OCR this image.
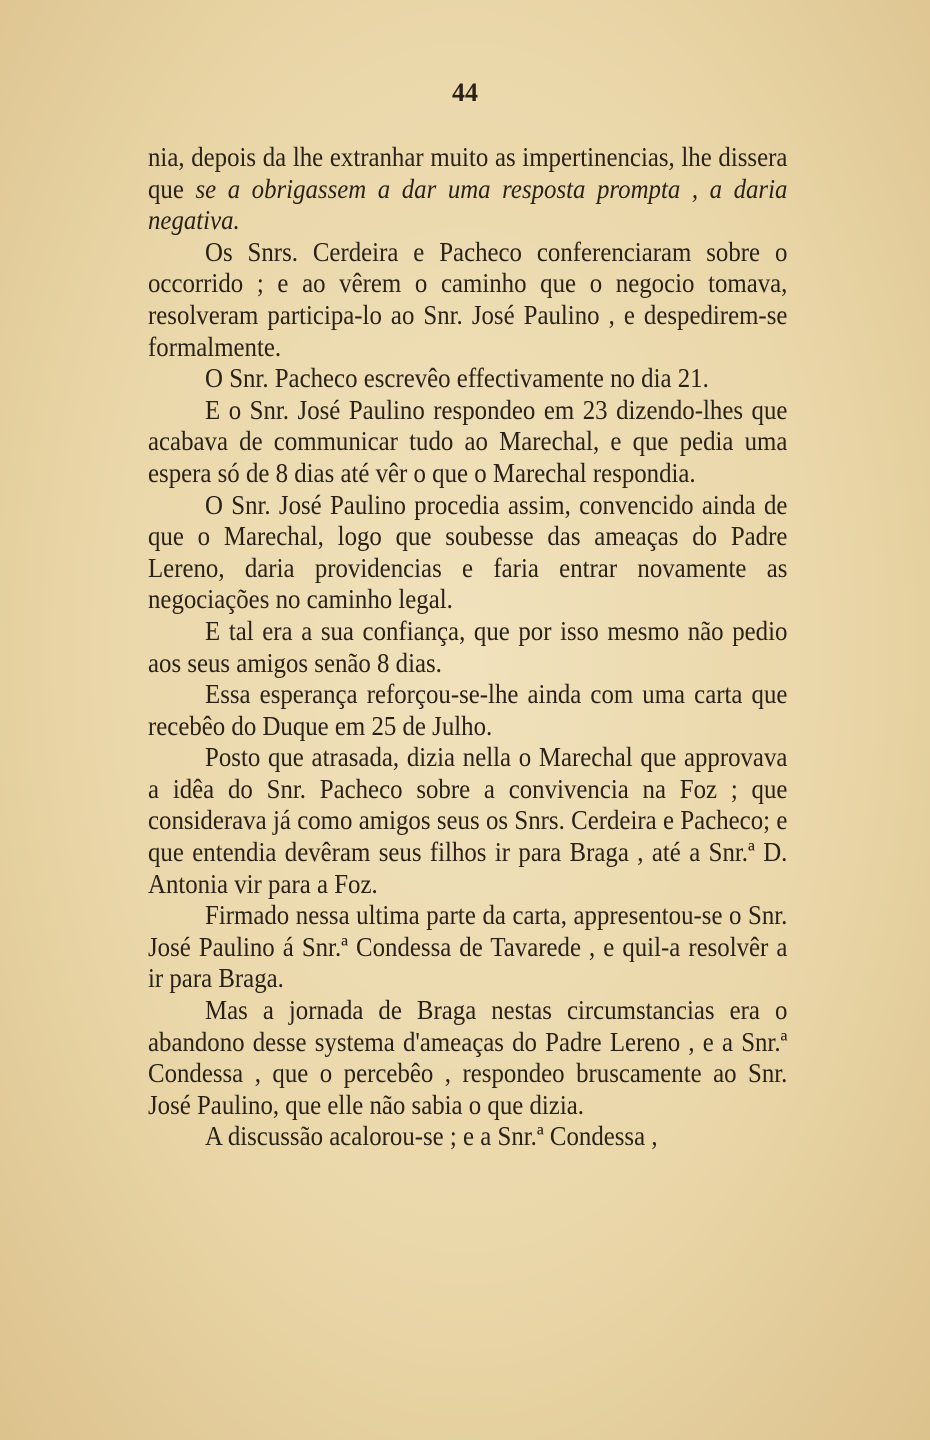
44

nia, depois da lhe extranhar muito as impertinencias, lhe dissera que se a obrigassem a dar uma resposta prompta , a daria negativa.

Os Snrs. Cerdeira e Pacheco conferenciaram sobre o occorrido ; e ao vêrem o caminho que o negocio tomava, resolveram participa-lo ao Snr. José Paulino , e despedirem-se formalmente.

O Snr. Pacheco escrevêo effectivamente no dia 21.

E o Snr. José Paulino respondeo em 23 dizendo-lhes que acabava de communicar tudo ao Marechal, e que pedia uma espera só de 8 dias até vêr o que o Marechal respondia.

O Snr. José Paulino procedia assim, convencido ainda de que o Marechal, logo que soubesse das ameaças do Padre Lereno, daria providencias e faria entrar novamente as negociações no caminho legal.

E tal era a sua confiança, que por isso mesmo não pedio aos seus amigos senão 8 dias.

Essa esperança reforçou-se-lhe ainda com uma carta que recebêo do Duque em 25 de Julho.

Posto que atrasada, dizia nella o Marechal que approvava a idêa do Snr. Pacheco sobre a convivencia na Foz ; que considerava já como amigos seus os Snrs. Cerdeira e Pacheco; e que entendia devêram seus filhos ir para Braga , até a Snr.ª D. Antonia vir para a Foz.

Firmado nessa ultima parte da carta, appresentou-se o Snr. José Paulino á Snr.ª Condessa de Tavarede , e quil-a resolvêr a ir para Braga.

Mas a jornada de Braga nestas circumstancias era o abandono desse systema d'ameaças do Padre Lereno , e a Snr.ª Condessa , que o percebêo , respondeo bruscamente ao Snr. José Paulino, que elle não sabia o que dizia.

A discussão acalorou-se ; e a Snr.ª Condessa ,
